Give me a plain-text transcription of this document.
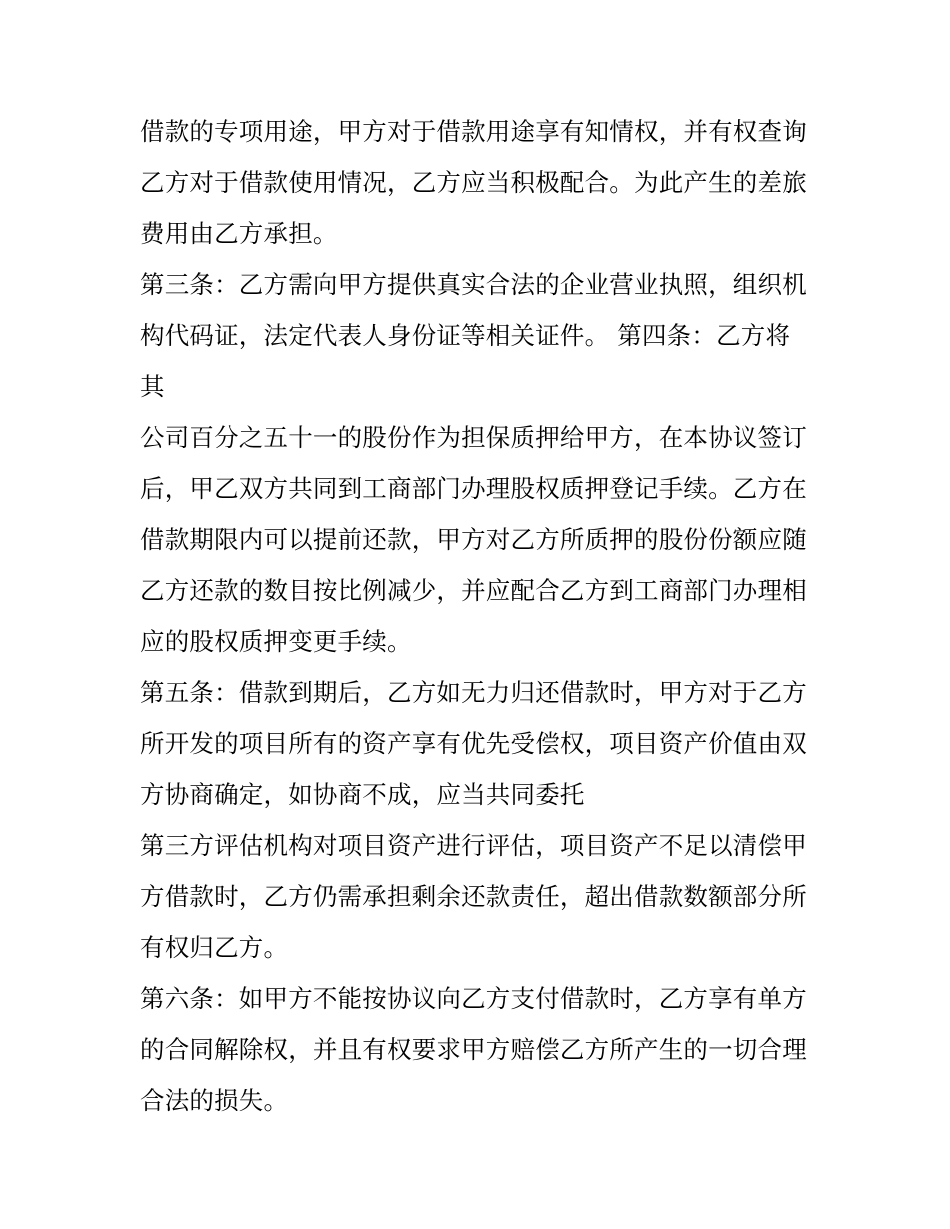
借款的专项用途，甲方对于借款用途享有知情权，并有权查询
乙方对于借款使用情况，乙方应当积极配合。为此产生的差旅
费用由乙方承担。
第三条：乙方需向甲方提供真实合法的企业营业执照，组织机
构代码证，法定代表人身份证等相关证件。 第四条：乙方将
其
公司百分之五十一的股份作为担保质押给甲方，在本协议签订
后，甲乙双方共同到工商部门办理股权质押登记手续。乙方在
借款期限内可以提前还款，甲方对乙方所质押的股份份额应随
乙方还款的数目按比例减少，并应配合乙方到工商部门办理相
应的股权质押变更手续。
第五条：借款到期后，乙方如无力归还借款时，甲方对于乙方
所开发的项目所有的资产享有优先受偿权，项目资产价值由双
方协商确定，如协商不成，应当共同委托
第三方评估机构对项目资产进行评估，项目资产不足以清偿甲
方借款时，乙方仍需承担剩余还款责任，超出借款数额部分所
有权归乙方。
第六条：如甲方不能按协议向乙方支付借款时，乙方享有单方
的合同解除权，并且有权要求甲方赔偿乙方所产生的一切合理
合法的损失。
